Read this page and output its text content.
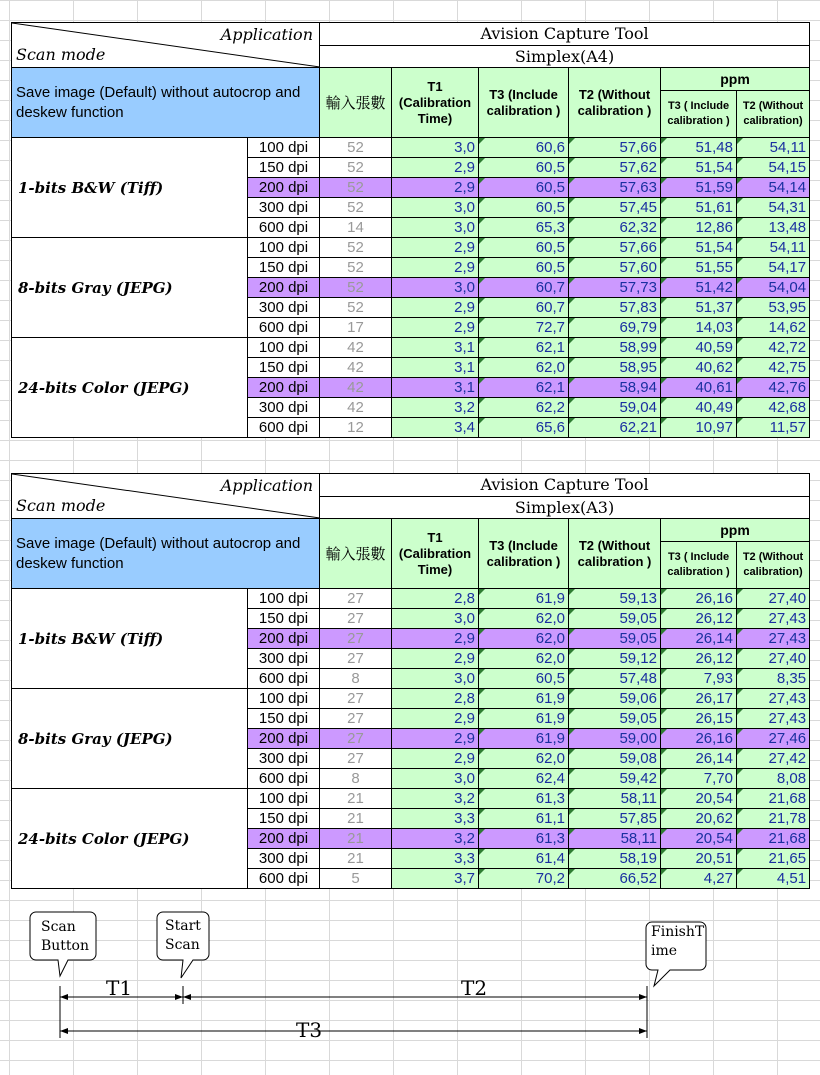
Application
Scan mode		Avision Capture Tool					
		Simplex(A4)					
Save image (Default) without autocrop and deskew function		輸入張數	T1 (Calibration Time)	T3 (Include calibration )	T2 (Without calibration )	ppm	
						T3 ( Include calibration )	T2 (Without calibration)
1-bits B&W (Tiff)	100 dpi	52	3,0	60,6	57,66	51,48	54,11
	150 dpi	52	2,9	60,5	57,62	51,54	54,15
	200 dpi	52	2,9	60,5	57,63	51,59	54,14
	300 dpi	52	3,0	60,5	57,45	51,61	54,31
	600 dpi	14	3,0	65,3	62,32	12,86	13,48
8-bits Gray (JEPG)	100 dpi	52	2,9	60,5	57,66	51,54	54,11
	150 dpi	52	2,9	60,5	57,60	51,55	54,17
	200 dpi	52	3,0	60,7	57,73	51,42	54,04
	300 dpi	52	2,9	60,7	57,83	51,37	53,95
	600 dpi	17	2,9	72,7	69,79	14,03	14,62
24-bits Color (JEPG)	100 dpi	42	3,1	62,1	58,99	40,59	42,72
	150 dpi	42	3,1	62,0	58,95	40,62	42,75
	200 dpi	42	3,1	62,1	58,94	40,61	42,76
	300 dpi	42	3,2	62,2	59,04	40,49	42,68
	600 dpi	12	3,4	65,6	62,21	10,97	11,57
Application
Scan mode		Avision Capture Tool					
		Simplex(A3)					
Save image (Default) without autocrop and deskew function		輸入張數	T1 (Calibration Time)	T3 (Include calibration )	T2 (Without calibration )	ppm	
						T3 ( Include calibration )	T2 (Without calibration)
1-bits B&W (Tiff)	100 dpi	27	2,8	61,9	59,13	26,16	27,40
	150 dpi	27	3,0	62,0	59,05	26,12	27,43
	200 dpi	27	2,9	62,0	59,05	26,14	27,43
	300 dpi	27	2,9	62,0	59,12	26,12	27,40
	600 dpi	8	3,0	60,5	57,48	7,93	8,35
8-bits Gray (JEPG)	100 dpi	27	2,8	61,9	59,06	26,17	27,43
	150 dpi	27	2,9	61,9	59,05	26,15	27,43
	200 dpi	27	2,9	61,9	59,00	26,16	27,46
	300 dpi	27	2,9	62,0	59,08	26,14	27,42
	600 dpi	8	3,0	62,4	59,42	7,70	8,08
24-bits Color (JEPG)	100 dpi	21	3,2	61,3	58,11	20,54	21,68
	150 dpi	21	3,3	61,1	57,85	20,62	21,78
	200 dpi	21	3,2	61,3	58,11	20,54	21,68
	300 dpi	21	3,3	61,4	58,19	20,51	21,65
	600 dpi	5	3,7	70,2	66,52	4,27	4,51
Scan
Button
Start
Scan
FinishT
ime
T1	T2
T3
